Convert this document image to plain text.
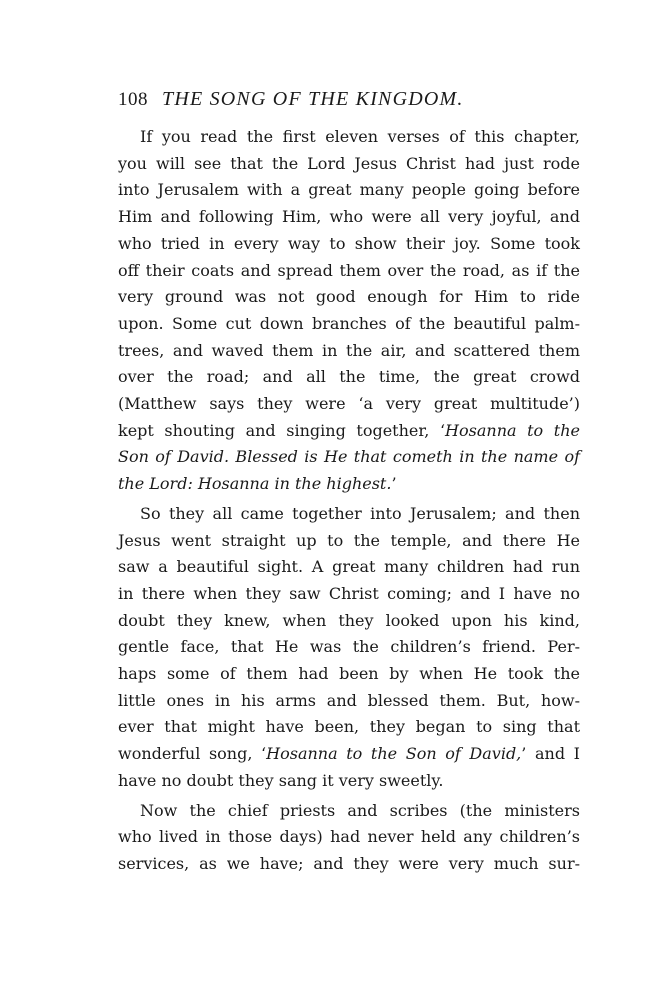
108 THE SONG OF THE KINGDOM.

If you read the first eleven verses of this chapter,
you will see that the Lord Jesus Christ had just rode
into Jerusalem with a great many people going before
Him and following Him, who were all very joyful, and
who tried in every way to show their joy. Some took
off their coats and spread them over the road, as if the
very ground was not good enough for Him to ride
upon. Some cut down branches of the beautiful palm-
trees, and waved them in the air, and scattered them
over the road; and all the time, the great crowd
(Matthew says they were ‘a very great multitude’)
kept shouting and singing together, ‘Hosanna to the
Son of David. Blessed is He that cometh in the name of
the Lord: Hosanna in the highest.’

So they all came together into Jerusalem; and then
Jesus went straight up to the temple, and there He
saw a beautiful sight. A great many children had run
in there when they saw Christ coming; and I have no
doubt they knew, when they looked upon his kind,
gentle face, that He was the children’s friend. Per-
haps some of them had been by when He took the
little ones in his arms and blessed them. But, how-
ever that might have been, they began to sing that
wonderful song, ‘Hosanna to the Son of David,’ and I
have no doubt they sang it very sweetly.

Now the chief priests and scribes (the ministers
who lived in those days) had never held any children’s
services, as we have; and they were very much sur-
